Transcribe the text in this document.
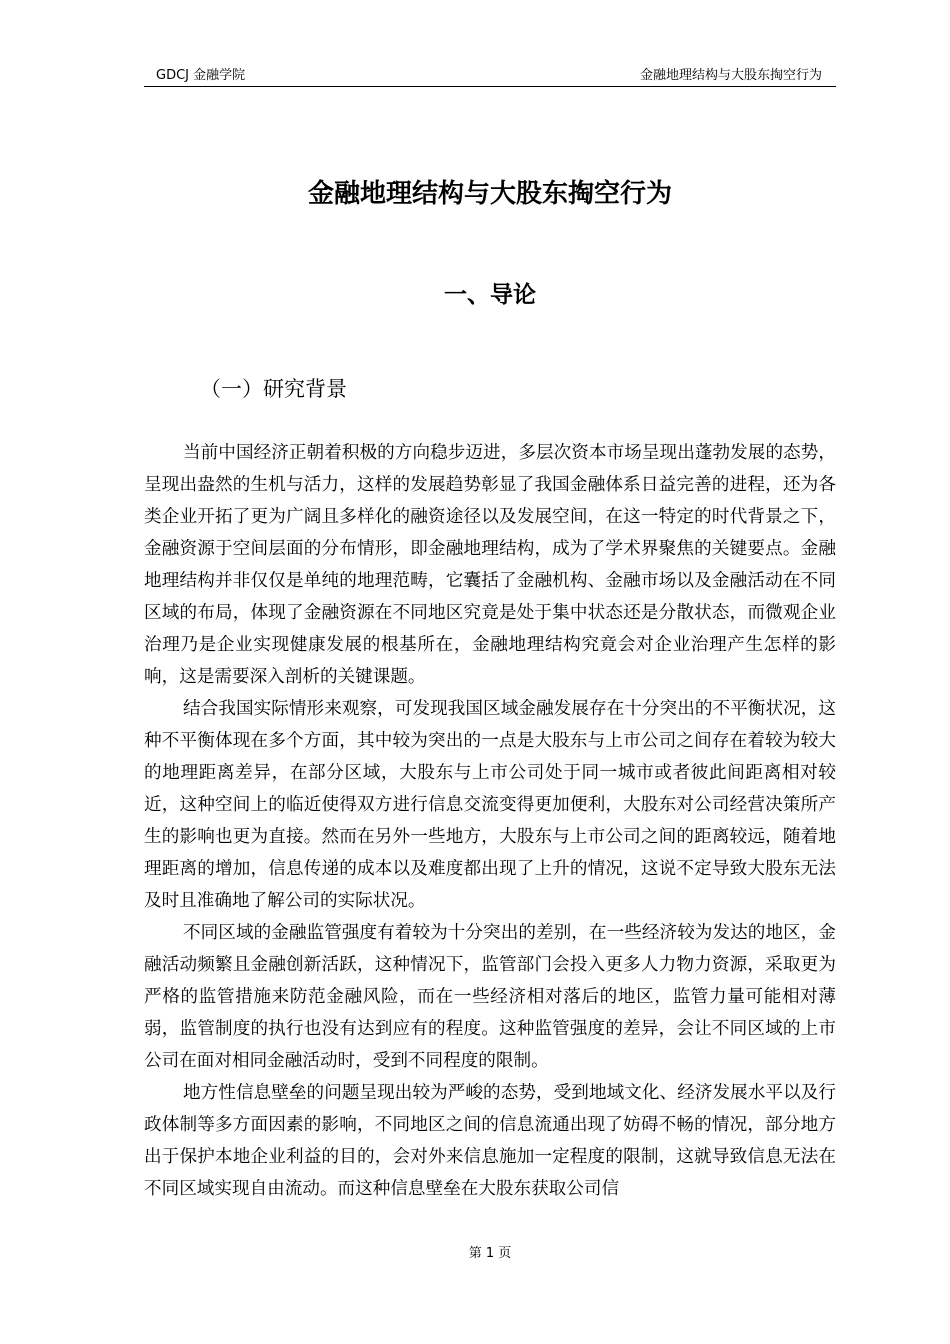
GDCJ 金融学院	金融地理结构与大股东掏空行为
金融地理结构与大股东掏空行为
一、导论
（一）研究背景

当前中国经济正朝着积极的方向稳步迈进，多层次资本市场呈现出蓬勃发展的态势，呈现出盎然的生机与活力，这样的发展趋势彰显了我国金融体系日益完善的进程，还为各类企业开拓了更为广阔且多样化的融资途径以及发展空间，在这一特定的时代背景之下，金融资源于空间层面的分布情形，即金融地理结构，成为了学术界聚焦的关键要点。金融地理结构并非仅仅是单纯的地理范畴，它囊括了金融机构、金融市场以及金融活动在不同区域的布局，体现了金融资源在不同地区究竟是处于集中状态还是分散状态，而微观企业治理乃是企业实现健康发展的根基所在，金融地理结构究竟会对企业治理产生怎样的影响，这是需要深入剖析的关键课题。

结合我国实际情形来观察，可发现我国区域金融发展存在十分突出的不平衡状况，这种不平衡体现在多个方面，其中较为突出的一点是大股东与上市公司之间存在着较为较大的地理距离差异，在部分区域，大股东与上市公司处于同一城市或者彼此间距离相对较近，这种空间上的临近使得双方进行信息交流变得更加便利，大股东对公司经营决策所产生的影响也更为直接。然而在另外一些地方，大股东与上市公司之间的距离较远，随着地理距离的增加，信息传递的成本以及难度都出现了上升的情况，这说不定导致大股东无法及时且准确地了解公司的实际状况。

不同区域的金融监管强度有着较为十分突出的差别，在一些经济较为发达的地区，金融活动频繁且金融创新活跃，这种情况下，监管部门会投入更多人力物力资源，采取更为严格的监管措施来防范金融风险，而在一些经济相对落后的地区，监管力量可能相对薄弱，监管制度的执行也没有达到应有的程度。这种监管强度的差异，会让不同区域的上市公司在面对相同金融活动时，受到不同程度的限制。

地方性信息壁垒的问题呈现出较为严峻的态势，受到地域文化、经济发展水平以及行政体制等多方面因素的影响，不同地区之间的信息流通出现了妨碍不畅的情况，部分地方出于保护本地企业利益的目的，会对外来信息施加一定程度的限制，这就导致信息无法在不同区域实现自由流动。而这种信息壁垒在大股东获取公司信

第 1 页
